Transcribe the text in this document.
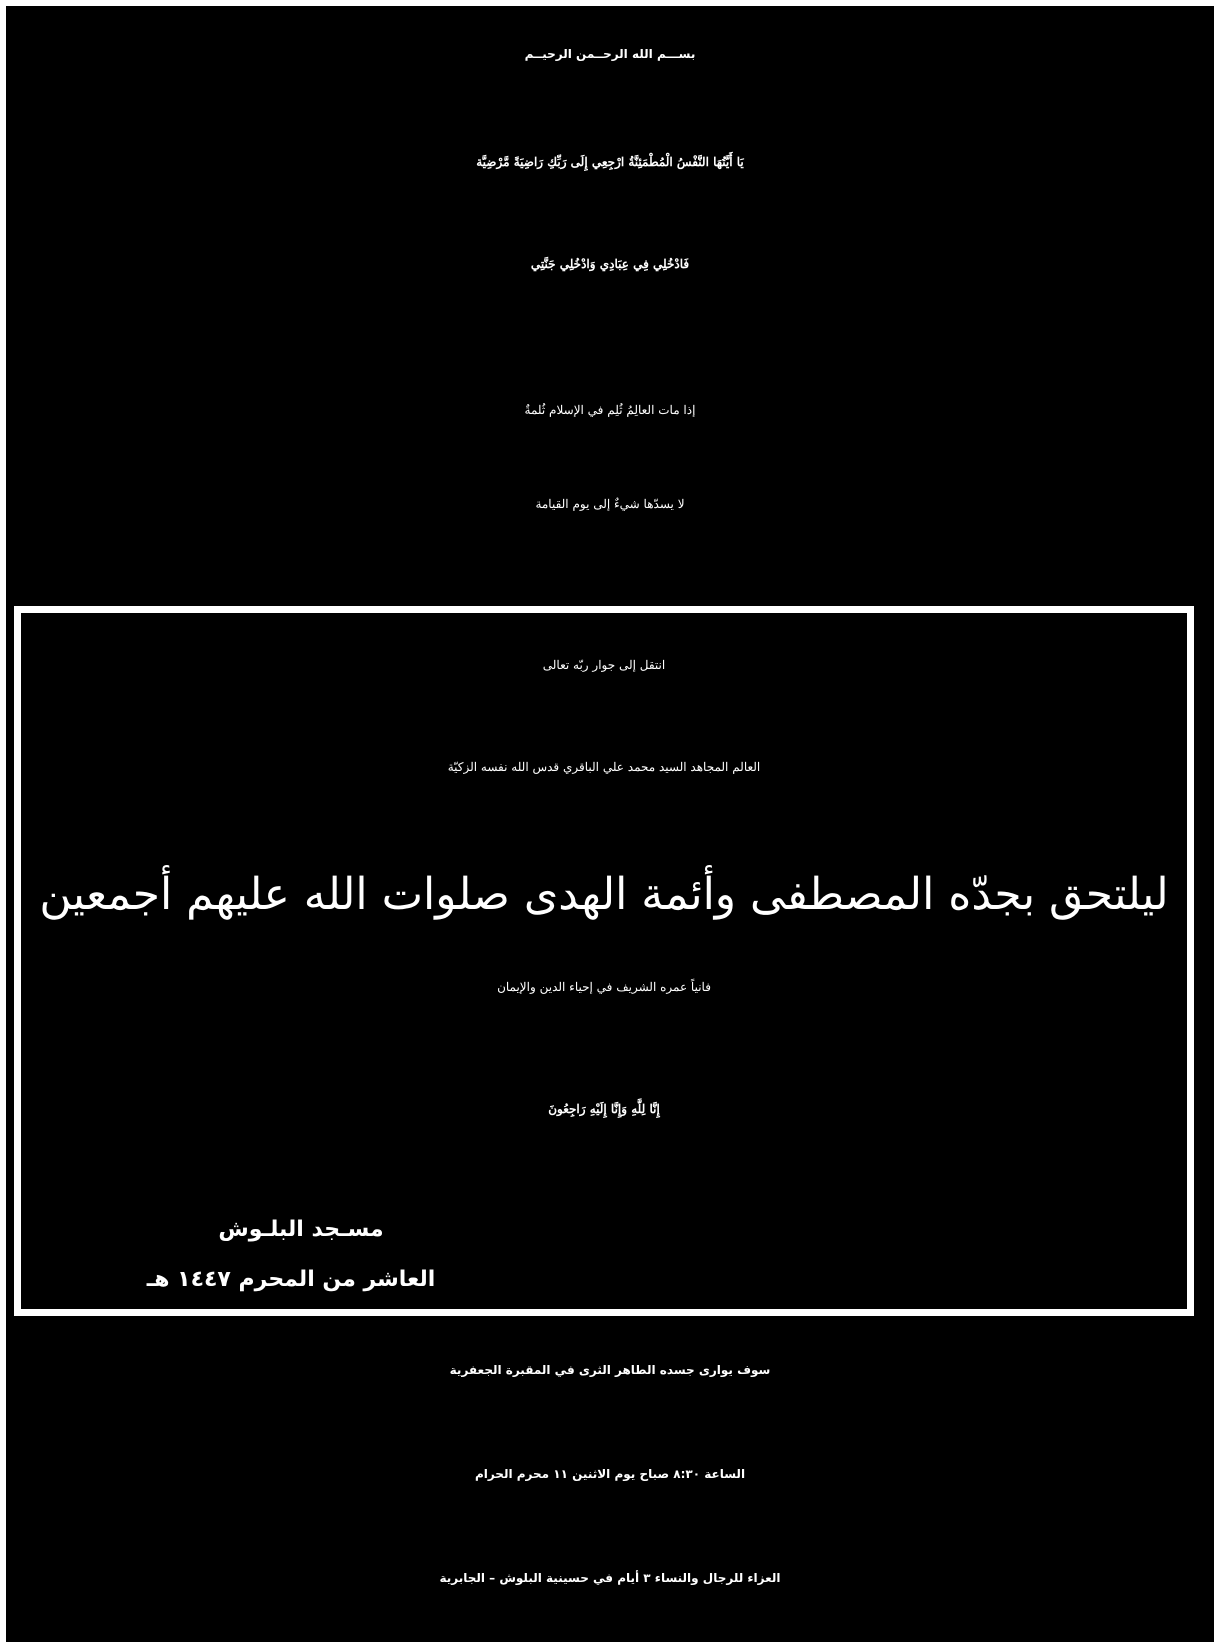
بســـم الله الرحــمن الرحيــم
يَا أَيَّتُهَا النَّفْسُ الْمُطْمَئِنَّةُ ارْجِعِي إِلَى رَبِّكِ رَاضِيَةً مَّرْضِيَّة
فَادْخُلِي فِي عِبَادِي وَادْخُلِي جَنَّتِي
إذا مات العالِمُ ثُلِم في الإسلام ثُلمةٌ
لا يسدّها شيءٌ إلى يوم القيامة
انتقل إلى جوار ربّه تعالى
العالم المجاهد السيد محمد علي الباقري قدس الله نفسه الزكيّة
ليلتحق بجدّه المصطفى وأئمة الهدى صلوات الله عليهم أجمعين
فانياً عمره الشريف في إحياء الدين والإيمان
إِنَّا لِلَّهِ وَإِنَّا إِلَيْهِ رَاجِعُونَ
مسـجد البلـوش
العاشر من المحرم ١٤٤٧ هـ
سوف يوارى جسده الطاهر الثرى في المقبرة الجعفرية
الساعة ٨:٣٠ صباح يوم الاثنين ١١ محرم الحرام
العزاء للرجال والنساء ٣ أيام في حسينية البلوش – الجابرية
